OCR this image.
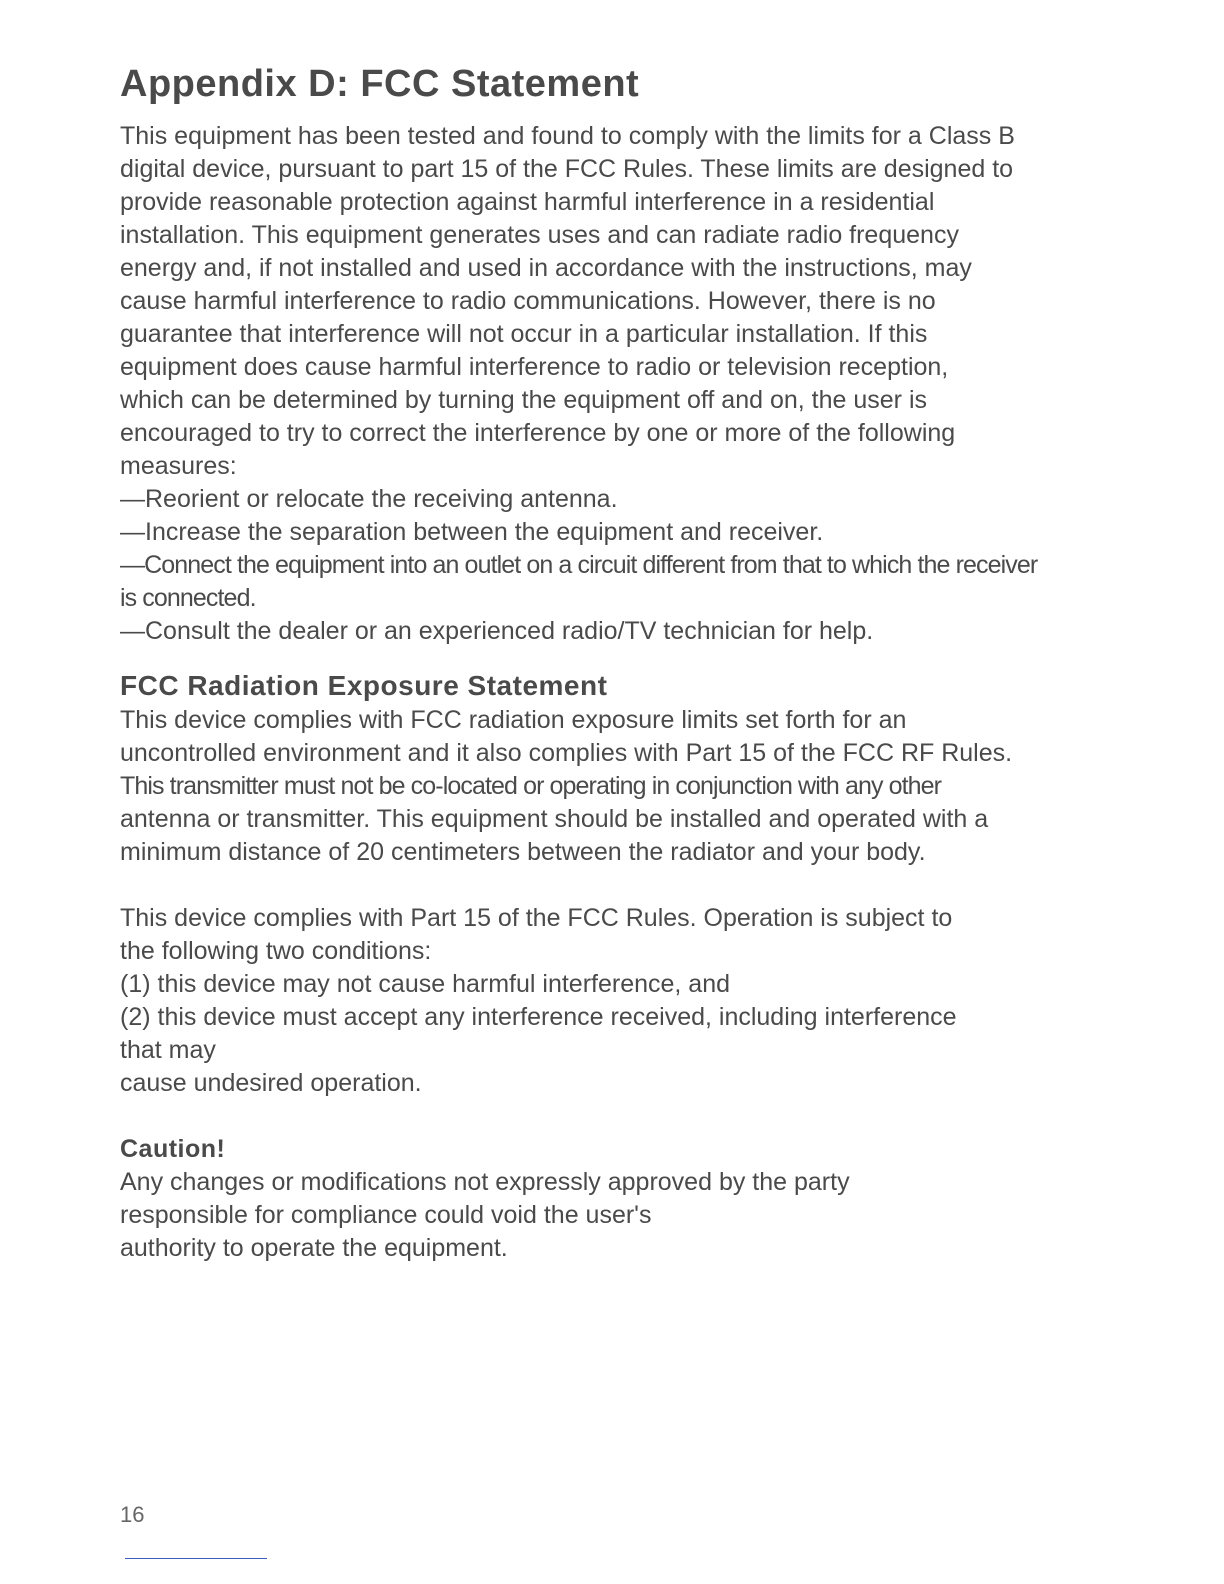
Appendix D: FCC Statement
This equipment has been tested and found to comply with the limits for a Class B
digital device, pursuant to part 15 of the FCC Rules. These limits are designed to
provide reasonable protection against harmful interference in a residential
installation. This equipment generates uses and can radiate radio frequency
energy and, if not installed and used in accordance with the instructions, may
cause harmful interference to radio communications. However, there is no
guarantee that interference will not occur in a particular installation. If this
equipment does cause harmful interference to radio or television reception,
which can be determined by turning the equipment off and on, the user is
encouraged to try to correct the interference by one or more of the following
measures:
—Reorient or relocate the receiving antenna.
—Increase the separation between the equipment and receiver.
—Connect the equipment into an outlet on a circuit different from that to which the receiver
is connected.
—Consult the dealer or an experienced radio/TV technician for help.
FCC Radiation Exposure Statement
This device complies with FCC radiation exposure limits set forth for an
uncontrolled environment and it also complies with Part 15 of the FCC RF Rules.
This transmitter must not be co-located or operating in conjunction with any other
antenna or transmitter. This equipment should be installed and operated with a
minimum distance of 20 centimeters between the radiator and your body.
This device complies with Part 15 of the FCC Rules. Operation is subject to
the following two conditions:
(1) this device may not cause harmful interference, and
(2) this device must accept any interference received, including interference
that may
cause undesired operation.
Caution!
Any changes or modifications not expressly approved by the party
responsible for compliance could void the user's
authority to operate the equipment.
16
